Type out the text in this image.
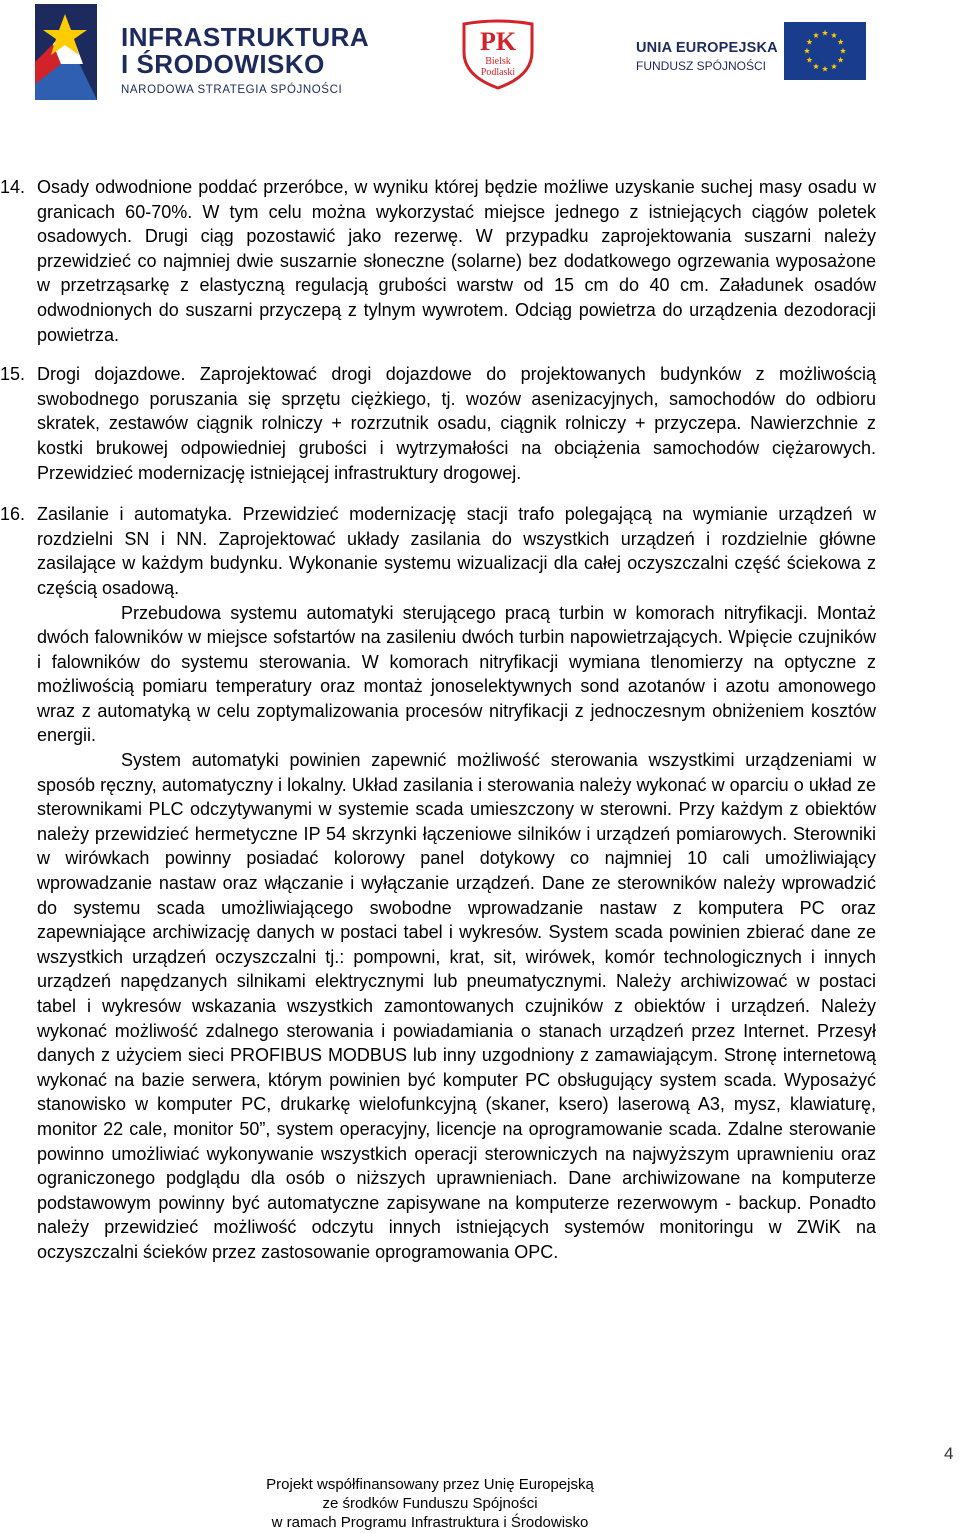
INFRASTRUKTURA
I ŚRODOWISKO
NARODOWA STRATEGIA SPÓJNOŚCI
PK
Bielsk
Podlaski
UNIA EUROPEJSKA
FUNDUSZ SPÓJNOŚCI

14. Osady odwodnione poddać przeróbce, w wyniku której będzie możliwe uzyskanie suchej masy osadu w granicach 60-70%. W tym celu można wykorzystać miejsce jednego z istniejących ciągów poletek osadowych. Drugi ciąg pozostawić jako rezerwę. W przypadku zaprojektowania suszarni należy przewidzieć co najmniej dwie suszarnie słoneczne (solarne) bez dodatkowego ogrzewania wyposażone w przetrząsarkę z elastyczną regulacją grubości warstw od 15 cm do 40 cm. Załadunek osadów odwodnionych do suszarni przyczepą z tylnym wywrotem. Odciąg powietrza do urządzenia dezodoracji powietrza.

15. Drogi dojazdowe. Zaprojektować drogi dojazdowe do projektowanych budynków z możliwością swobodnego poruszania się sprzętu ciężkiego, tj. wozów asenizacyjnych, samochodów do odbioru skratek, zestawów ciągnik rolniczy + rozrzutnik osadu, ciągnik rolniczy + przyczepa. Nawierzchnie z kostki brukowej odpowiedniej grubości i wytrzymałości na obciążenia samochodów ciężarowych. Przewidzieć modernizację istniejącej infrastruktury drogowej.

16. Zasilanie i automatyka. Przewidzieć modernizację stacji trafo polegającą na wymianie urządzeń w rozdzielni SN i NN. Zaprojektować układy zasilania do wszystkich urządzeń i rozdzielnie główne zasilające w każdym budynku. Wykonanie systemu wizualizacji dla całej oczyszczalni część ściekowa z częścią osadową.

Przebudowa systemu automatyki sterującego pracą turbin w komorach nitryfikacji. Montaż dwóch falowników w miejsce sofstartów na zasileniu dwóch turbin napowietrzających. Wpięcie czujników i falowników do systemu sterowania. W komorach nitryfikacji wymiana tlenomierzy na optyczne z możliwością pomiaru temperatury oraz montaż jonoselektywnych sond azotanów i azotu amonowego wraz z automatyką w celu zoptymalizowania procesów nitryfikacji z jednoczesnym obniżeniem kosztów energii.

System automatyki powinien zapewnić możliwość sterowania wszystkimi urządzeniami w sposób ręczny, automatyczny i lokalny. Układ zasilania i sterowania należy wykonać w oparciu o układ ze sterownikami PLC odczytywanymi w systemie scada umieszczony w sterowni. Przy każdym z obiektów należy przewidzieć hermetyczne IP 54 skrzynki łączeniowe silników i urządzeń pomiarowych. Sterowniki w wirówkach powinny posiadać kolorowy panel dotykowy co najmniej 10 cali umożliwiający wprowadzanie nastaw oraz włączanie i wyłączanie urządzeń. Dane ze sterowników należy wprowadzić do systemu scada umożliwiającego swobodne wprowadzanie nastaw z komputera PC oraz zapewniające archiwizację danych w postaci tabel i wykresów. System scada powinien zbierać dane ze wszystkich urządzeń oczyszczalni tj.: pompowni, krat, sit, wirówek, komór technologicznych i innych urządzeń napędzanych silnikami elektrycznymi lub pneumatycznymi. Należy archiwizować w postaci tabel i wykresów wskazania wszystkich zamontowanych czujników z obiektów i urządzeń. Należy wykonać możliwość zdalnego sterowania i powiadamiania o stanach urządzeń przez Internet. Przesył danych z użyciem sieci PROFIBUS MODBUS lub inny uzgodniony z zamawiającym. Stronę internetową wykonać na bazie serwera, którym powinien być komputer PC obsługujący system scada. Wyposażyć stanowisko w komputer PC, drukarkę wielofunkcyjną (skaner, ksero) laserową A3, mysz, klawiaturę, monitor 22 cale, monitor 50”, system operacyjny, licencje na oprogramowanie scada. Zdalne sterowanie powinno umożliwiać wykonywanie wszystkich operacji sterowniczych na najwyższym uprawnieniu oraz ograniczonego podglądu dla osób o niższych uprawnieniach. Dane archiwizowane na komputerze podstawowym powinny być automatyczne zapisywane na komputerze rezerwowym - backup. Ponadto należy przewidzieć możliwość odczytu innych istniejących systemów monitoringu w ZWiK na oczyszczalni ścieków przez zastosowanie oprogramowania OPC.

4
Projekt współfinansowany przez Unię Europejską
ze środków Funduszu Spójności
w ramach Programu Infrastruktura i Środowisko
